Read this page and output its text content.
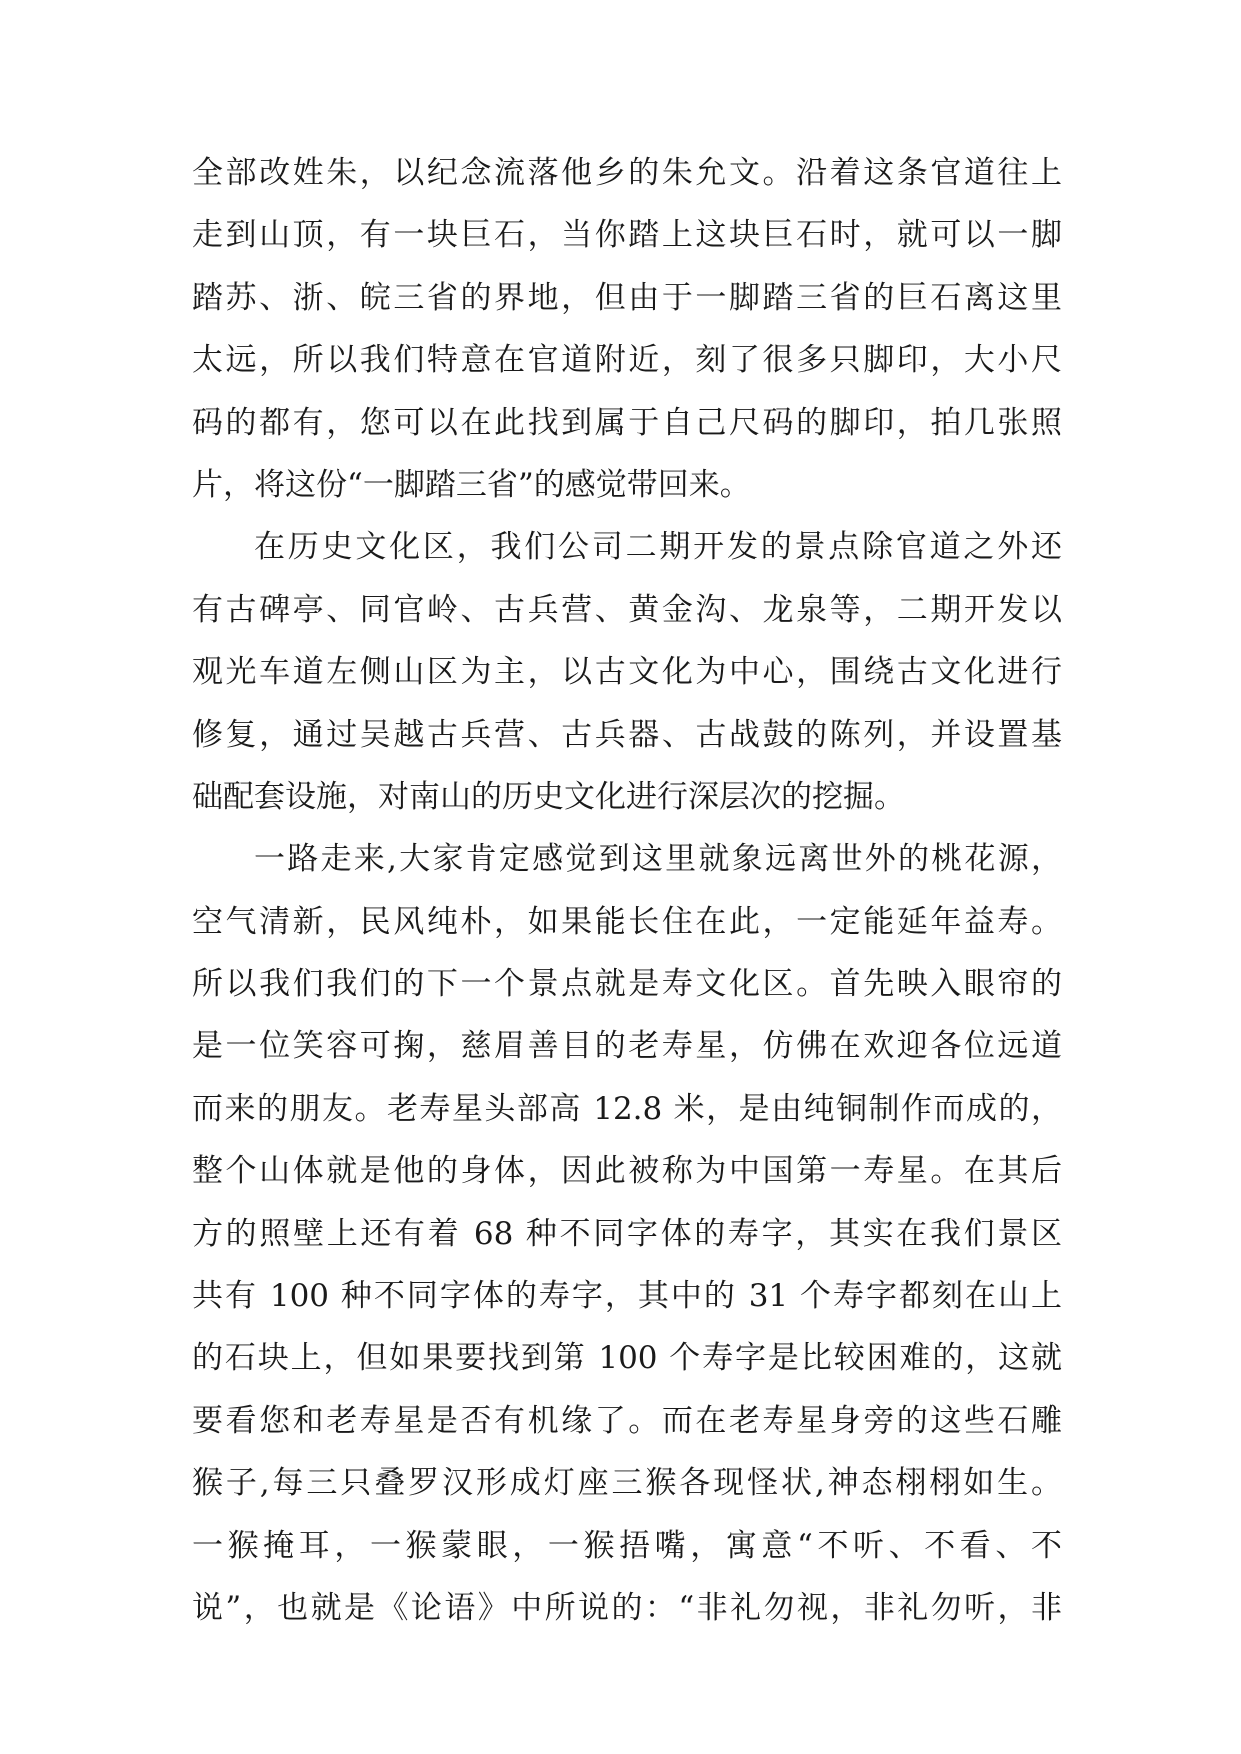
全部改姓朱，以纪念流落他乡的朱允文。沿着这条官道往上
走到山顶，有一块巨石，当你踏上这块巨石时，就可以一脚
踏苏、浙、皖三省的界地，但由于一脚踏三省的巨石离这里
太远，所以我们特意在官道附近，刻了很多只脚印，大小尺
码的都有，您可以在此找到属于自己尺码的脚印，拍几张照
片，将这份“一脚踏三省”的感觉带回来。
在历史文化区，我们公司二期开发的景点除官道之外还
有古碑亭、同官岭、古兵营、黄金沟、龙泉等，二期开发以
观光车道左侧山区为主，以古文化为中心，围绕古文化进行
修复，通过吴越古兵营、古兵器、古战鼓的陈列，并设置基
础配套设施，对南山的历史文化进行深层次的挖掘。
一路走来,大家肯定感觉到这里就象远离世外的桃花源，
空气清新，民风纯朴，如果能长住在此，一定能延年益寿。
所以我们我们的下一个景点就是寿文化区。首先映入眼帘的
是一位笑容可掬，慈眉善目的老寿星，仿佛在欢迎各位远道
而来的朋友。老寿星头部高 12.8 米，是由纯铜制作而成的，
整个山体就是他的身体，因此被称为中国第一寿星。在其后
方的照壁上还有着 68 种不同字体的寿字，其实在我们景区
共有 100 种不同字体的寿字，其中的 31 个寿字都刻在山上
的石块上，但如果要找到第 100 个寿字是比较困难的，这就
要看您和老寿星是否有机缘了。而在老寿星身旁的这些石雕
猴子,每三只叠罗汉形成灯座三猴各现怪状,神态栩栩如生。
一猴掩耳，一猴蒙眼，一猴捂嘴，寓意“不听、不看、不
说”，也就是《论语》中所说的：“非礼勿视，非礼勿听，非
